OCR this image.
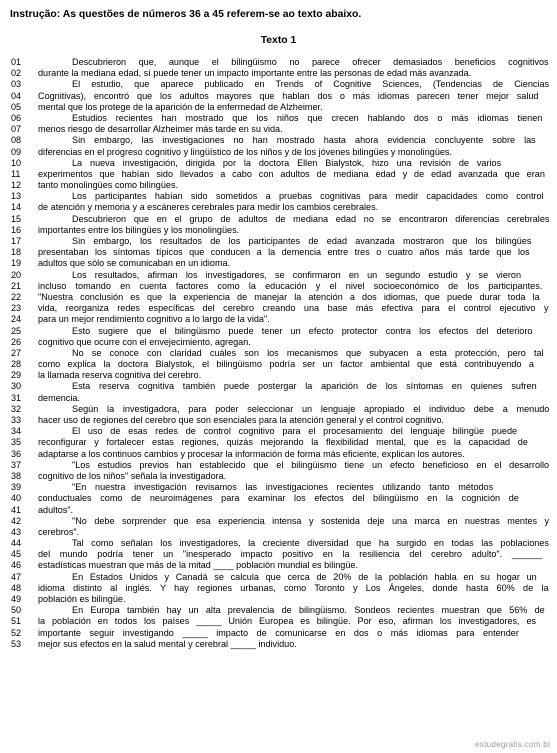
Instrução: As questões de números 36 a 45 referem-se ao texto abaixo.
Texto 1
01	Descubrieron que, aunque el bilingüismo no parece ofrecer demasiados beneficios cognitivos
02 durante la mediana edad, sí puede tener un impacto importante entre las personas de edad más avanzada.
03	El estudio, que aparece publicado en Trends of Cognitive Sciences, (Tendencias de Ciencias
04 Cognitivas), encontró que los adultos mayores que hablan dos o más idiomas parecen tener mejor salud
05 mental que los protege de la aparición de la enfermedad de Alzheimer.
06	Estudios recientes han mostrado que los niños que crecen hablando dos o más idiomas tienen
07 menos riesgo de desarrollar Alzheimer más tarde en su vida.
08	Sin embargo, las investigaciones no han mostrado hasta ahora evidencia concluyente sobre las
09 diferencias en el progreso cognitivo y lingüístico de los niños y de los jóvenes bilingües y monolingües.
10	La nueva investigación, dirigida por la doctora Ellen Bialystok, hizo una revisión de varios
11 experimentos que habían sido llevados a cabo con adultos de mediana edad y de edad avanzada que eran
12 tanto monolingües como bilingües.
13	Los participantes habían sido sometidos a pruebas cognitivas para medir capacidades como control
14 de atención y memoria y a escáneres cerebrales para medir los cambios cerebrales.
15	Descubrieron que en el grupo de adultos de mediana edad no se encontraron diferencias cerebrales
16 importantes entre los bilingües y los monolingües.
17	Sin embargo, los resultados de los participantes de edad avanzada mostraron que los bilingües
18 presentaban los síntomas típicos que conducen a la demencia entre tres o cuatro años más tarde que los
19 adultos que sólo se comunicaban en un idioma.
20	Los resultados, afirman los investigadores, se confirmaron en un segundo estudio y se vieron
21 incluso tomando en cuenta factores como la educación y el nivel socioeconómico de los participantes.
22 "Nuestra conclusión es que la experiencia de manejar la atención a dos idiomas, que puede durar toda la
23 vida, reorganiza redes específicas del cerebro creando una base más efectiva para el control ejecutivo y
24 para un mejor rendimiento cognitivo a lo largo de la vida".
25	Esto sugiere que el bilingüismo puede tener un efecto protector contra los efectos del deterioro
26 cognitivo que ocurre con el envejecimiento, agregan.
27	No se conoce con claridad cuáles son los mecanismos que subyacen a esta protección, pero tal
28 como explica la doctora Bialystok, el bilingüismo podría ser un factor ambiental que está contribuyendo a
29 la llamada reserva cognitiva del cerebro.
30	Esta reserva cognitiva también puede postergar la aparición de los síntomas en quienes sufren
31 demencia.
32	Según la investigadora, para poder seleccionar un lenguaje apropiado el individuo debe a menudo
33 hacer uso de regiones del cerebro que son esenciales para la atención general y el control cognitivo.
34	El uso de esas redes de control cognitivo para el procesamiento del lenguaje bilingüe puede
35 reconfigurar y fortalecer estas regiones, quizás mejorando la flexibilidad mental, que es la capacidad de
36 adaptarse a los continuos cambios y procesar la información de forma más eficiente, explican los autores.
37	"Los estudios previos han establecido que el bilingüismo tiene un efecto beneficioso en el desarrollo
38 cognitivo de los niños" señala la investigadora.
39	"En nuestra investigación revisamos las investigaciones recientes utilizando tanto métodos
40 conductuales como de neuroimágenes para examinar los efectos del bilingüismo en la cognición de
41 adultos".
42	"No debe sorprender que esa experiencia intensa y sostenida deje una marca en nuestras mentes y
43 cerebros".
44	Tal como señalan los investigadores, la creciente diversidad que ha surgido en todas las poblaciones
45 del mundo podría tener un "inesperado impacto positivo en la resiliencia del cerebro adulto". ______
46 estadísticas muestran que más de la mitad ____ población mundial es bilingüe.
47	En Estados Unidos y Canadá se calcula que cerca de 20% de la población habla en su hogar un
48 idioma distinto al inglés. Y hay regiones urbanas, como Toronto y Los Ángeles, donde hasta 60% de la
49 población es bilingüe.
50	En Europa también hay un alta prevalencia de bilingüismo. Sondeos recientes muestran que 56% de
51 la población en todos los países _____ Unión Europea es bilingüe. Por eso, afirman los investigadores, es
52 importante seguir investigando _____ impacto de comunicarse en dos o más idiomas para entender
53 mejor sus efectos en la salud mental y cerebral _____ individuo.
estudegratis.com.br
